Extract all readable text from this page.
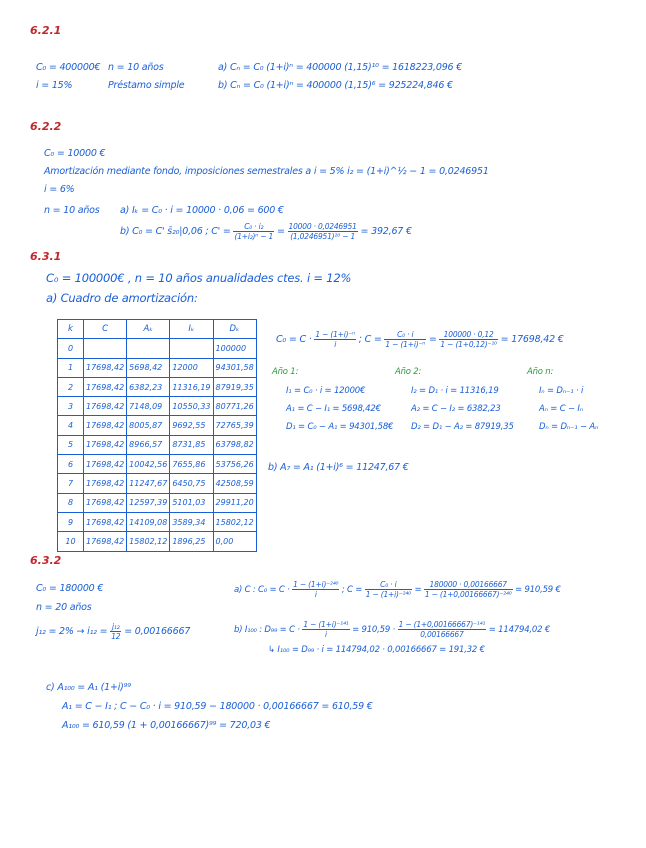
6.2.1
C₀ = 400000€ n = 10 años
i = 15%	Préstamo simple
a) Cₙ = C₀ (1+i)ⁿ = 400000 (1,15)¹⁰ = 1618223,096 €
b) Cₙ = C₀ (1+i)ⁿ = 400000 (1,15)⁶ = 925224,846 €
6.2.2
C₀ = 10000 €
Amortización mediante fondo, imposiciones semestrales a i = 5% i₂ = (1+i)^½ − 1 = 0,0246951
i = 6%
n = 10 años a) Iₖ = C₀ · i = 10000 · 0,06 = 600 €
b) C₀ = C' s̄₂₀|0,06 ; $C' = \frac{\text{C₀ · i₂}}{\text{(1+i₂)ⁿ − 1}} = \frac{10000 \cdot 0,0246951}{\text{(1,0246951)²⁰ − 1}} = 392,67$ €
6.3.1
C₀ = 100000€ , n = 10 años anualidades ctes. i = 12%
a) Cuadro de amortización:
k	C	Aₖ	Iₖ	Dₖ
0				100000
1	17698,42	5698,42	12000	94301,58
2	17698,42	6382,23	11316,19	87919,35
3	17698,42	7148,09	10550,33	80771,26
4	17698,42	8005,87	9692,55	72765,39
5	17698,42	8966,57	8731,85	63798,82
6	17698,42	10042,56	7655,86	53756,26
7	17698,42	11247,67	6450,75	42508,59
8	17698,42	12597,39	5101,03	29911,20
9	17698,42	14109,08	3589,34	15802,12
10	17698,42	15802,12	1896,25	0,00
$C_0 = C \cdot \frac{\text{1 − (1+i)⁻ⁿ}}{i}$ ; $C = \frac{\text{C₀ · i}}{\text{1 − (1+i)⁻ⁿ}} = \frac{100000 \cdot 0,12}{\text{1 − (1+0,12)⁻¹⁰}} = 17698,42$ €
Año 1:
I₁ = C₀ · i = 12000€
A₁ = C − I₁ = 5698,42€
D₁ = C₀ − A₁ = 94301,58€
Año 2:
I₂ = D₁ · i = 11316,19
A₂ = C − I₂ = 6382,23
D₂ = D₁ − A₂ = 87919,35
Año n:
Iₙ = Dₙ₋₁ · i
Aₙ = C − Iₙ
Dₙ = Dₙ₋₁ − Aₙ
b) A₇ = A₁ (1+i)⁶ = 11247,67 €
6.3.2
C₀ = 180000 €
n = 20 años
$j_{12} = 2\% \to i_{12} = \frac{\text{j₁₂}}{12} = 0,00166667$
a) C : $C_0 = C \cdot \frac{\text{1 − (1+i)⁻²⁴⁰}}{i}$ ; $C = \frac{\text{C₀ · i}}{\text{1 − (1+i)⁻²⁴⁰}} = \frac{180000 \cdot 0,00166667}{\text{1 − (1+0,00166667)⁻²⁴⁰}} = 910,59$ €
b) I₁₀₀ : $D_{99} = C \cdot \frac{\text{1 − (1+i)⁻¹⁴¹}}{i} = 910,59 \cdot \frac{\text{1 − (1+0,00166667)⁻¹⁴¹}}{0,00166667} = 114794,02$ €
↳ I₁₀₀ = D₉₉ · i = 114794,02 · 0,00166667 = 191,32 €
c) A₁₀₀ = A₁ (1+i)⁹⁹
A₁ = C − I₁ ; C − C₀ · i = 910,59 − 180000 · 0,00166667 = 610,59 €
A₁₀₀ = 610,59 (1 + 0,00166667)⁹⁹ = 720,03 €
